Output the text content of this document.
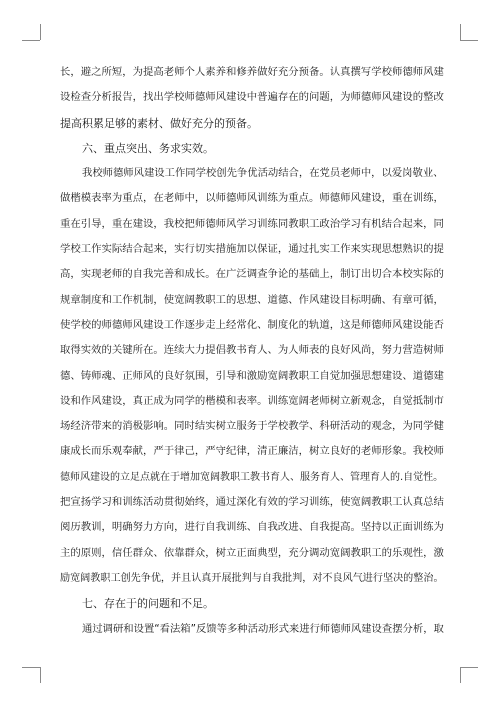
长，避之所短，为提高老师个人素养和修养做好充分预备。认真撰写学校师德师风建
设检查分析报告，找出学校师德师风建设中普遍存在的问题，为师德师风建设的整改
提高积累足够的素材、做好充分的预备。
六、重点突出、务求实效。
我校师德师风建设工作同学校创先争优活动结合，在党员老师中，以爱岗敬业、
做楷模表率为重点，在老师中，以师德师风训练为重点。师德师风建设，重在训练，
重在引导，重在建设，我校把师德师风学习训练同教职工政治学习有机结合起来，同
学校工作实际结合起来，实行切实措施加以保证，通过扎实工作来实现思想熟识的提
高，实现老师的自我完善和成长。在广泛调查争论的基础上，制订出切合本校实际的
规章制度和工作机制，使宽阔教职工的思想、道德、作风建设目标明确、有章可循，
使学校的师德师风建设工作逐步走上经常化、制度化的轨道，这是师德师风建设能否
取得实效的关键所在。连续大力提倡教书育人、为人师表的良好风尚，努力营造树师
德、铸师魂、正师风的良好氛围，引导和激励宽阔教职工自觉加强思想建设、道德建
设和作风建设，真正成为同学的楷模和表率。训练宽阔老师树立新观念，自觉抵制市
场经济带来的消极影响。同时结实树立服务于学校教学、科研活动的观念，为同学健
康成长而乐观奉献，严于律己，严守纪律，清正廉洁，树立良好的老师形象。我校师
德师风建设的立足点就在于增加宽阔教职工教书育人、服务育人、管理育人的.自觉性。
把宣扬学习和训练活动贯彻始终，通过深化有效的学习训练，使宽阔教职工认真总结
阅历教训，明确努力方向，进行自我训练、自我改进、自我提高。坚持以正面训练为
主的原则，信任群众、依靠群众，树立正面典型，充分调动宽阔教职工的乐观性，激
励宽阔教职工创先争优，并且认真开展批判与自我批判，对不良风气进行坚决的整治。
七、存在于的问题和不足。
通过调研和设置“看法箱”反馈等多种活动形式来进行师德师风建设查摆分析，取
